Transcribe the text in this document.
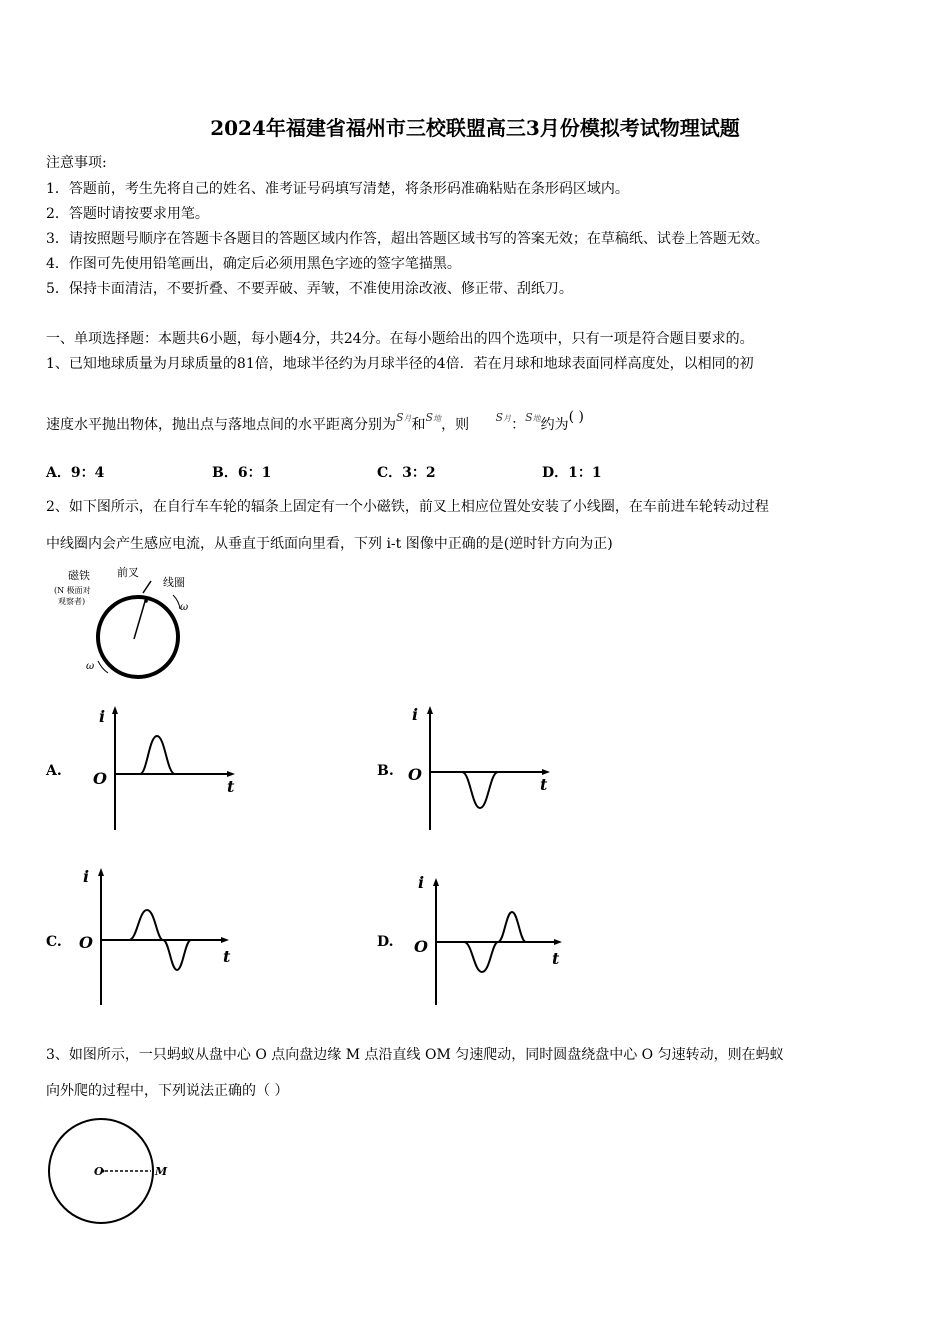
2024年福建省福州市三校联盟高三3月份模拟考试物理试题
注意事项:
1．答题前，考生先将自己的姓名、准考证号码填写清楚，将条形码准确粘贴在条形码区域内。
2．答题时请按要求用笔。
3．请按照题号顺序在答题卡各题目的答题区域内作答，超出答题区域书写的答案无效；在草稿纸、试卷上答题无效。
4．作图可先使用铅笔画出，确定后必须用黑色字迹的签字笔描黑。
5．保持卡面清洁，不要折叠、不要弄破、弄皱，不准使用涂改液、修正带、刮纸刀。
一、单项选择题：本题共6小题，每小题4分，共24分。在每小题给出的四个选项中，只有一项是符合题目要求的。
1、已知地球质量为月球质量的81倍，地球半径约为月球半径的4倍．若在月球和地球表面同样高度处，以相同的初
速度水平抛出物体，抛出点与落地点间的水平距离分别为$^{S月}$和$^{S地}$，则 $^{S月}$：$^{S地}$约为( )
A．9：4	B．6：1	C．3：2	D．1：1
2、如下图所示，在自行车车轮的辐条上固定有一个小磁铁，前叉上相应位置处安装了小线圈，在车前进车轮转动过程
中线圈内会产生感应电流，从垂直于纸面向里看，下列 i-t 图像中正确的是(逆时针方向为正)
磁铁
(N 极面对
观察者)
前叉
线圈
ω
ω
A.
i
t
O	B.
i
t
O
C.
i
t
O	D.
i
t
O
3、如图所示，一只蚂蚁从盘中心 O 点向盘边缘 M 点沿直线 OM 匀速爬动，同时圆盘绕盘中心 O 匀速转动，则在蚂蚁
向外爬的过程中，下列说法正确的（ ）
O	M
